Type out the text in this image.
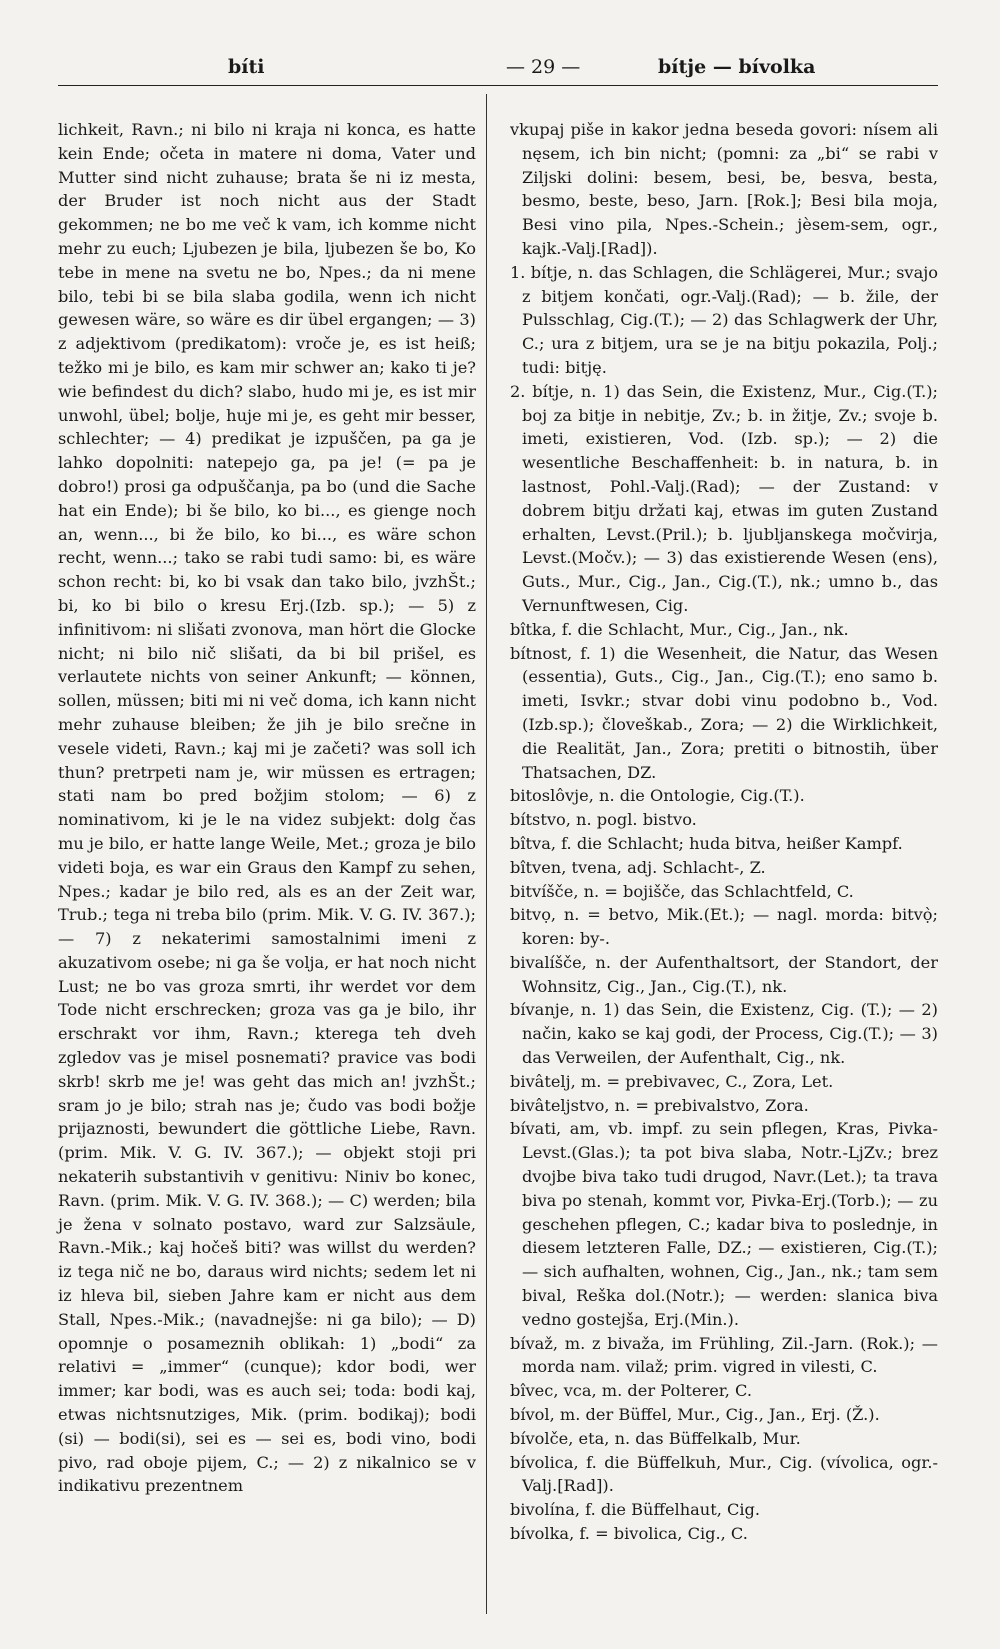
bíti	— 29 —	bítje — bívolka

lichkeit, Ravn.; ni bilo ni kraja ni konca, es hatte kein Ende; očeta in matere ni doma, Vater und Mutter sind nicht zuhause; brata še ni iz mesta, der Bruder ist noch nicht aus der Stadt gekommen; ne bo me več k vam, ich komme nicht mehr zu euch; Ljubezen je bila, ljubezen še bo, Ko tebe in mene na svetu ne bo, Npes.; da ni mene bilo, tebi bi se bila slaba godila, wenn ich nicht gewesen wäre, so wäre es dir übel ergangen; — 3) z adjektivom (predikatom): vroče je, es ist heiß; težko mi je bilo, es kam mir schwer an; kako ti je? wie befindest du dich? slabo, hudo mi je, es ist mir unwohl, übel; bolje, huje mi je, es geht mir besser, schlechter; — 4) predikat je izpuščen, pa ga je lahko dopolniti: natepejo ga, pa je! (= pa je dobro!) prosi ga odpuščanja, pa bo (und die Sache hat ein Ende); bi še bilo, ko bi..., es gienge noch an, wenn..., bi že bilo, ko bi..., es wäre schon recht, wenn...; tako se rabi tudi samo: bi, es wäre schon recht: bi, ko bi vsak dan tako bilo, jvzhŠt.; bi, ko bi bilo o kresu Erj.(Izb. sp.); — 5) z infinitivom: ni slišati zvonova, man hört die Glocke nicht; ni bilo nič slišati, da bi bil prišel, es verlautete nichts von seiner Ankunft; — können, sollen, müssen; biti mi ni več doma, ich kann nicht mehr zuhause bleiben; že jih je bilo srečne in vesele videti, Ravn.; kaj mi je začeti? was soll ich thun? pretrpeti nam je, wir müssen es ertragen; stati nam bo pred božjim stolom; — 6) z nominativom, ki je le na videz subjekt: dolg čas mu je bilo, er hatte lange Weile, Met.; groza je bilo videti boja, es war ein Graus den Kampf zu sehen, Npes.; kadar je bilo red, als es an der Zeit war, Trub.; tega ni treba bilo (prim. Mik. V. G. IV. 367.); — 7) z nekaterimi samostalnimi imeni z akuzativom osebe; ni ga še volja, er hat noch nicht Lust; ne bo vas groza smrti, ihr werdet vor dem Tode nicht erschrecken; groza vas ga je bilo, ihr erschrakt vor ihm, Ravn.; kterega teh dveh zgledov vas je misel posnemati? pravice vas bodi skrb! skrb me je! was geht das mich an! jvzhŠt.; sram jo je bilo; strah nas je; čudo vas bodi božje prijaznosti, bewundert die göttliche Liebe, Ravn. (prim. Mik. V. G. IV. 367.); — objekt stoji pri nekaterih substantivih v genitivu: Niniv bo konec, Ravn. (prim. Mik. V. G. IV. 368.); — C) werden; bila je žena v solnato postavo, ward zur Salzsäule, Ravn.-Mik.; kaj hočeš biti? was willst du werden? iz tega nič ne bo, daraus wird nichts; sedem let ni iz hleva bil, sieben Jahre kam er nicht aus dem Stall, Npes.-Mik.; (navadnejše: ni ga bilo); — D) opomnje o posameznih oblikah: 1) „bodi“ za relativi = „immer“ (cunque); kdor bodi, wer immer; kar bodi, was es auch sei; toda: bodi kaj, etwas nichtsnutziges, Mik. (prim. bodikaj); bodi (si) — bodi(si), sei es — sei es, bodi vino, bodi pivo, rad oboje pijem, C.; — 2) z nikalnico se v indikativu prezentnem

vkupaj piše in kakor jedna beseda govori: nísem ali nęsem, ich bin nicht; (pomni: za „bi“ se rabi v Ziljski dolini: besem, besi, be, besva, besta, besmo, beste, beso, Jarn. [Rok.]; Besi bila moja, Besi vino pila, Npes.-Schein.; jèsem-sem, ogr., kajk.-Valj.[Rad]).

1. bítje, n. das Schlagen, die Schlägerei, Mur.; svajo z bitjem končati, ogr.-Valj.(Rad); — b. žile, der Pulsschlag, Cig.(T.); — 2) das Schlagwerk der Uhr, C.; ura z bitjem, ura se je na bitju pokazila, Polj.; tudi: bitję.

2. bítje, n. 1) das Sein, die Existenz, Mur., Cig.(T.); boj za bitje in nebitje, Zv.; b. in žitje, Zv.; svoje b. imeti, existieren, Vod. (Izb. sp.); — 2) die wesentliche Beschaffenheit: b. in natura, b. in lastnost, Pohl.-Valj.(Rad); — der Zustand: v dobrem bitju držati kaj, etwas im guten Zustand erhalten, Levst.(Pril.); b. ljubljanskega močvirja, Levst.(Močv.); — 3) das existierende Wesen (ens), Guts., Mur., Cig., Jan., Cig.(T.), nk.; umno b., das Vernunftwesen, Cig.

bîtka, f. die Schlacht, Mur., Cig., Jan., nk.

bítnost, f. 1) die Wesenheit, die Natur, das Wesen (essentia), Guts., Cig., Jan., Cig.(T.); eno samo b. imeti, Isvkr.; stvar dobi vinu podobno b., Vod.(Izb.sp.); človeškab., Zora; — 2) die Wirklichkeit, die Realität, Jan., Zora; pretiti o bitnostih, über Thatsachen, DZ.

bitoslôvje, n. die Ontologie, Cig.(T.).

bítstvo, n. pogl. bistvo.

bîtva, f. die Schlacht; huda bitva, heißer Kampf.

bîtven, tvena, adj. Schlacht-, Z.

bitvíšče, n. = bojišče, das Schlachtfeld, C.

bitvọ, n. = betvo, Mik.(Et.); — nagl. morda: bitvọ̀; koren: by-.

bivalíšče, n. der Aufenthaltsort, der Standort, der Wohnsitz, Cig., Jan., Cig.(T.), nk.

bívanje, n. 1) das Sein, die Existenz, Cig. (T.); — 2) način, kako se kaj godi, der Process, Cig.(T.); — 3) das Verweilen, der Aufenthalt, Cig., nk.

bivâtelj, m. = prebivavec, C., Zora, Let.

bivâteljstvo, n. = prebivalstvo, Zora.

bívati, am, vb. impf. zu sein pflegen, Kras, Pivka-Levst.(Glas.); ta pot biva slaba, Notr.-LjZv.; brez dvojbe biva tako tudi drugod, Navr.(Let.); ta trava biva po stenah, kommt vor, Pivka-Erj.(Torb.); — zu geschehen pflegen, C.; kadar biva to poslednje, in diesem letzteren Falle, DZ.; — existieren, Cig.(T.); — sich aufhalten, wohnen, Cig., Jan., nk.; tam sem bival, Reška dol.(Notr.); — werden: slanica biva vedno gostejša, Erj.(Min.).

bívaž, m. z bivaža, im Frühling, Zil.-Jarn. (Rok.); — morda nam. vilaž; prim. vigred in vilesti, C.

bîvec, vca, m. der Polterer, C.

bívol, m. der Büffel, Mur., Cig., Jan., Erj. (Ž.).

bívolče, eta, n. das Büffelkalb, Mur.

bívolica, f. die Büffelkuh, Mur., Cig. (vívolica, ogr.-Valj.[Rad]).

bivolína, f. die Büffelhaut, Cig.

bívolka, f. = bivolica, Cig., C.
